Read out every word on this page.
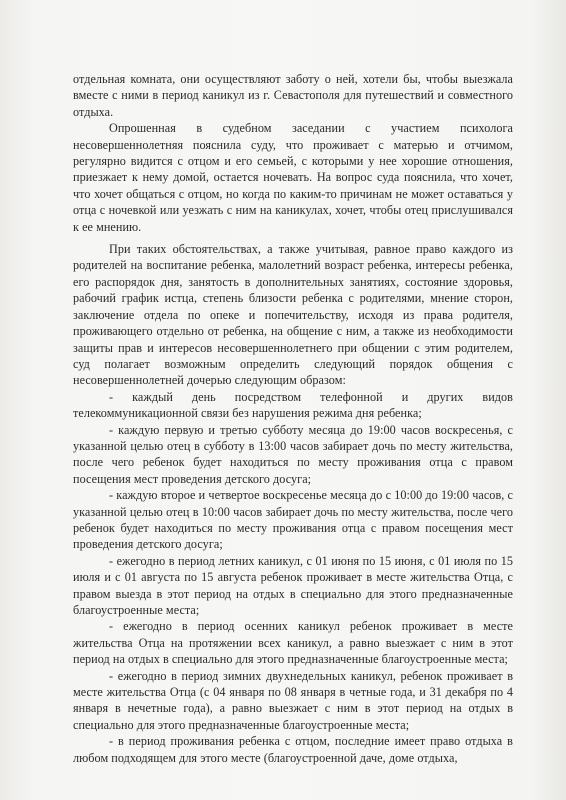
отдельная комната, они осуществляют заботу о ней, хотели бы, чтобы выезжала вместе с ними в период каникул из г. Севастополя для путешествий и совместного отдыха.

Опрошенная в судебном заседании с участием психолога несовершеннолетняя пояснила суду, что проживает с матерью и отчимом, регулярно видится с отцом и его семьей, с которыми у нее хорошие отношения, приезжает к нему домой, остается ночевать. На вопрос суда пояснила, что хочет, что хочет общаться с отцом, но когда по каким-то причинам не может оставаться у отца с ночевкой или уезжать с ним на каникулах, хочет, чтобы отец прислушивался к ее мнению.

При таких обстоятельствах, а также учитывая, равное право каждого из родителей на воспитание ребенка, малолетний возраст ребенка, интересы ребенка, его распорядок дня, занятость в дополнительных занятиях, состояние здоровья, рабочий график истца, степень близости ребенка с родителями, мнение сторон, заключение отдела по опеке и попечительству, исходя из права родителя, проживающего отдельно от ребенка, на общение с ним, а также из необходимости защиты прав и интересов несовершеннолетнего при общении с этим родителем, суд полагает возможным определить следующий порядок общения с несовершеннолетней дочерью следующим образом:

- каждый день посредством телефонной и других видов телекоммуникационной связи без нарушения режима дня ребенка;

- каждую первую и третью субботу месяца до 19:00 часов воскресенья, с указанной целью отец в субботу в 13:00 часов забирает дочь по месту жительства, после чего ребенок будет находиться по месту проживания отца с правом посещения мест проведения детского досуга;

- каждую второе и четвертое воскресенье месяца до с 10:00 до 19:00 часов, с указанной целью отец в 10:00 часов забирает дочь по месту жительства, после чего ребенок будет находиться по месту проживания отца с правом посещения мест проведения детского досуга;

- ежегодно в период летних каникул, с 01 июня по 15 июня, с 01 июля по 15 июля и с 01 августа по 15 августа ребенок проживает в месте жительства Отца, с правом выезда в этот период на отдых в специально для этого предназначенные благоустроенные места;

- ежегодно в период осенних каникул ребенок проживает в месте жительства Отца на протяжении всех каникул, а равно выезжает с ним в этот период на отдых в специально для этого предназначенные благоустроенные места;

- ежегодно в период зимних двухнедельных каникул, ребенок проживает в месте жительства Отца (с 04 января по 08 января в четные года, и 31 декабря по 4 января в нечетные года), а равно выезжает с ним в этот период на отдых в специально для этого предназначенные благоустроенные места;

- в период проживания ребенка с отцом, последние имеет право отдыха в любом подходящем для этого месте (благоустроенной даче, доме отдыха,
